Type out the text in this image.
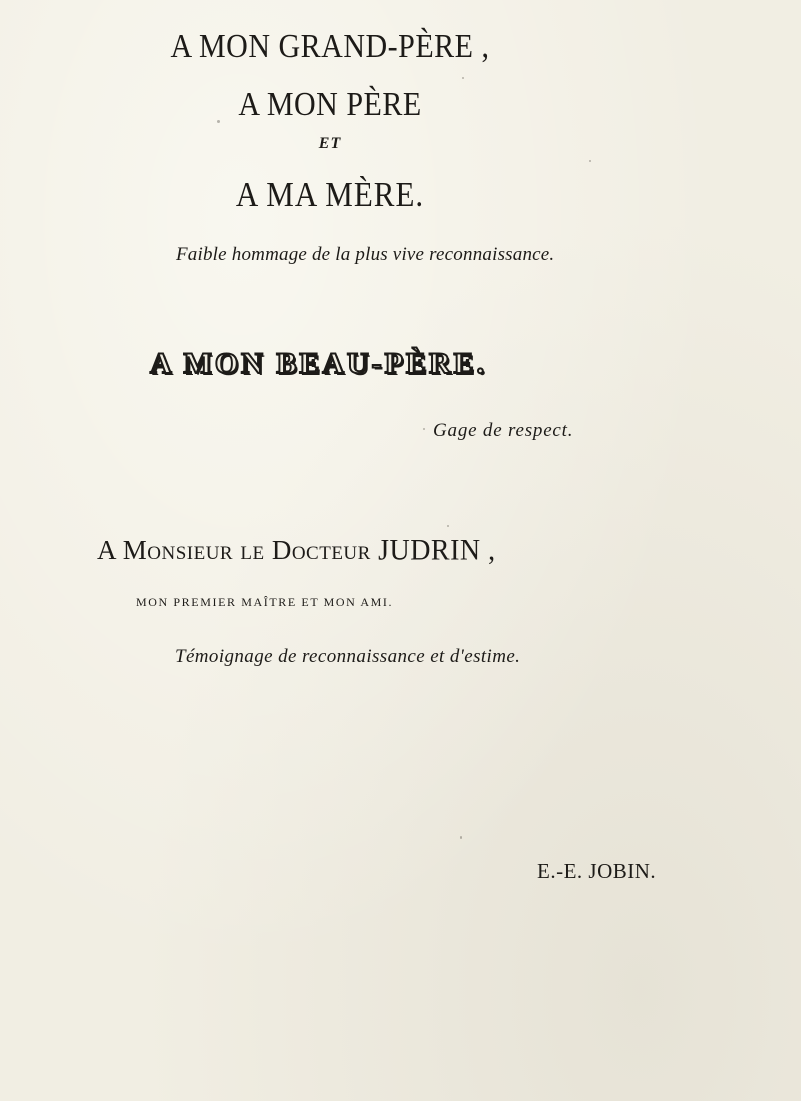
A MON GRAND-PÈRE ,
A MON PÈRE
ET
A MA MÈRE.
Faible hommage de la plus vive reconnaissance.
A MON BEAU-PÈRE.
Gage de respect.
A Monsieur le Docteur JUDRIN ,
MON PREMIER MAÎTRE ET MON AMI.
Témoignage de reconnaissance et d'estime.
E.-E. JOBIN.
